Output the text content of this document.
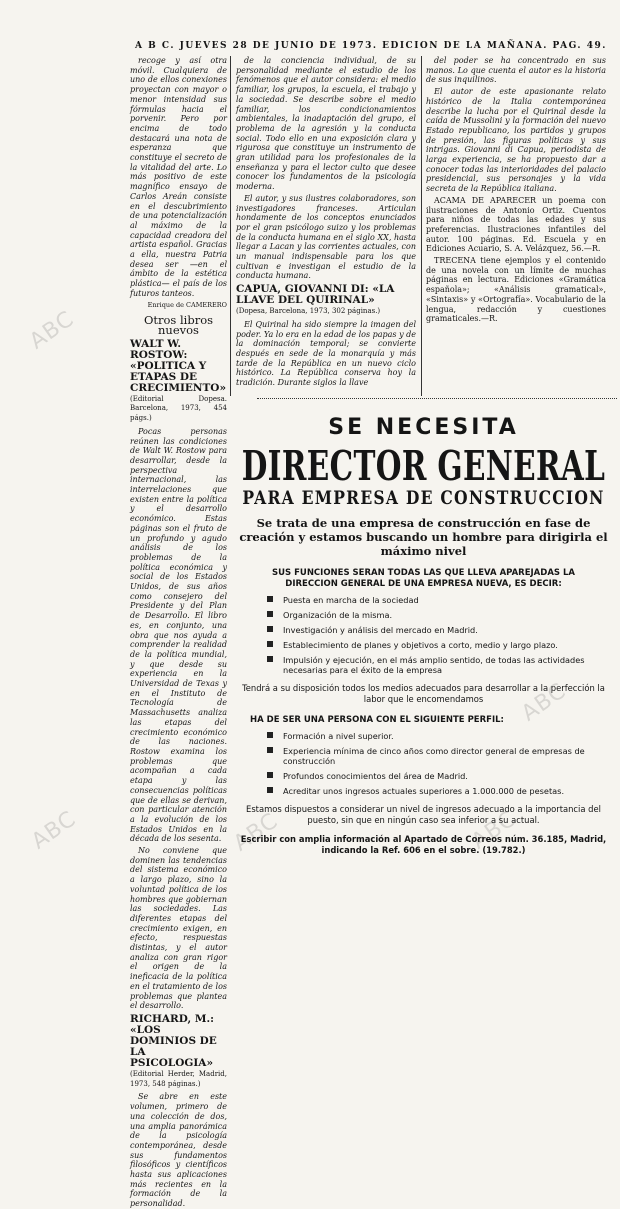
A B C. JUEVES 28 DE JUNIO DE 1973. EDICION DE LA MAÑANA. PAG. 49.

recoge y así otra móvil. Cualquiera de uno de ellos conexiones proyectan con mayor o menor intensidad sus fórmulas hacia el porvenir. Pero por encima de todo destacará una nota de esperanza que constituye el secreto de la vitalidad del arte. Lo más positivo de este magnífico ensayo de Carlos Areán consiste en el descubrimiento de una potencialización al máximo de la capacidad creadora del artista español. Gracias a ella, nuestra Patria desea ser —en el ámbito de la estética plástica— el país de los futuros tanteos.

Enrique de CAMERERO

Otros libros nuevos

WALT W. ROSTOW: «POLITICA Y ETAPAS DE CRECIMIENTO»

(Editorial Dopesa. Barcelona, 1973, 454 págs.)

Pocas personas reúnen las condiciones de Walt W. Rostow para desarrollar, desde la perspectiva internacional, las interrelaciones que existen entre la política y el desarrollo económico. Estas páginas son el fruto de un profundo y agudo análisis de los problemas de la política económica y social de los Estados Unidos, de sus años como consejero del Presidente y del Plan de Desarrollo. El libro es, en conjunto, una obra que nos ayuda a comprender la realidad de la política mundial, y que desde su experiencia en la Universidad de Texas y en el Instituto de Tecnología de Massachusetts analiza las etapas del crecimiento económico de las naciones. Rostow examina los problemas que acompañan a cada etapa y las consecuencias políticas que de ellas se derivan, con particular atención a la evolución de los Estados Unidos en la década de los sesenta.

No conviene que dominen las tendencias del sistema económico a largo plazo, sino la voluntad política de los hombres que gobiernan las sociedades. Las diferentes etapas del crecimiento exigen, en efecto, respuestas distintas, y el autor analiza con gran rigor el origen de la ineficacia de la política en el tratamiento de los problemas que plantea el desarrollo.

RICHARD, M.: «LOS DOMINIOS DE LA PSICOLOGIA»

(Editorial Herder, Madrid, 1973, 548 páginas.)

Se abre en este volumen, primero de una colección de dos, una amplia panorámica de la psicología contemporánea, desde sus fundamentos filosóficos y científicos hasta sus aplicaciones más recientes en la formación de la personalidad.

de la conciencia individual, de su personalidad mediante el estudio de los fenómenos que el autor considera: el medio familiar, los grupos, la escuela, el trabajo y la sociedad. Se describe sobre el medio familiar, los condicionamientos ambientales, la inadaptación del grupo, el problema de la agresión y la conducta social. Todo ello en una exposición clara y rigurosa que constituye un instrumento de gran utilidad para los profesionales de la enseñanza y para el lector culto que desee conocer los fundamentos de la psicología moderna.

El autor, y sus ilustres colaboradores, son investigadores franceses. Articulan hondamente de los conceptos enunciados por el gran psicólogo suizo y los problemas de la conducta humana en el siglo XX, hasta llegar a Lacan y las corrientes actuales, con un manual indispensable para los que cultivan e investigan el estudio de la conducta humana.

CAPUA, GIOVANNI DI: «LA LLAVE DEL QUIRINAL»

(Dopesa, Barcelona, 1973, 302 páginas.)

El Quirinal ha sido siempre la imagen del poder. Ya lo era en la edad de los papas y de la dominación temporal; se convierte después en sede de la monarquía y más tarde de la República en un nuevo ciclo histórico. La República conserva hoy la tradición. Durante siglos la llave

del poder se ha concentrado en sus manos. Lo que cuenta el autor es la historia de sus inquilinos.

El autor de este apasionante relato histórico de la Italia contemporánea describe la lucha por el Quirinal desde la caída de Mussolini y la formación del nuevo Estado republicano, los partidos y grupos de presión, las figuras políticas y sus intrigas. Giovanni di Capua, periodista de larga experiencia, se ha propuesto dar a conocer todas las interioridades del palacio presidencial, sus personajes y la vida secreta de la República italiana.

ACAMA DE APARECER un poema con ilustraciones de Antonio Ortiz. Cuentos para niños de todas las edades y sus preferencias. Ilustraciones infantiles del autor. 100 páginas. Ed. Escuela y en Ediciones Acuario, S. A. Velázquez, 56.—R.

TRECENA tiene ejemplos y el contenido de una novela con un límite de muchas páginas en lectura. Ediciones «Gramática española»; «Análisis gramatical», «Sintaxis» y «Ortografía». Vocabulario de la lengua, redacción y cuestiones gramaticales.—R.

SE NECESITA
DIRECTOR GENERAL
PARA EMPRESA DE CONSTRUCCION
Se trata de una empresa de construcción en fase de creación y estamos buscando un hombre para dirigirla el máximo nivel
SUS FUNCIONES SERAN TODAS LAS QUE LLEVA APAREJADAS LA DIRECCION GENERAL DE UNA EMPRESA NUEVA, ES DECIR:
Puesta en marcha de la sociedad
Organización de la misma.
Investigación y análisis del mercado en Madrid.
Establecimiento de planes y objetivos a corto, medio y largo plazo.
Impulsión y ejecución, en el más amplio sentido, de todas las actividades necesarias para el éxito de la empresa
Tendrá a su disposición todos los medios adecuados para desarrollar a la perfección la labor que le encomendamos
HA DE SER UNA PERSONA CON EL SIGUIENTE PERFIL:
Formación a nivel superior.
Experiencia mínima de cinco años como director general de empresas de construcción
Profundos conocimientos del área de Madrid.
Acreditar unos ingresos actuales superiores a 1.000.000 de pesetas.
Estamos dispuestos a considerar un nivel de ingresos adecuado a la importancia del puesto, sin que en ningún caso sea inferior a su actual.
Escribir con amplia información al Apartado de Correos núm. 36.185, Madrid, indicando la Ref. 606 en el sobre. (19.782.)
ABC
ABC
ABC	ABC	ABC
